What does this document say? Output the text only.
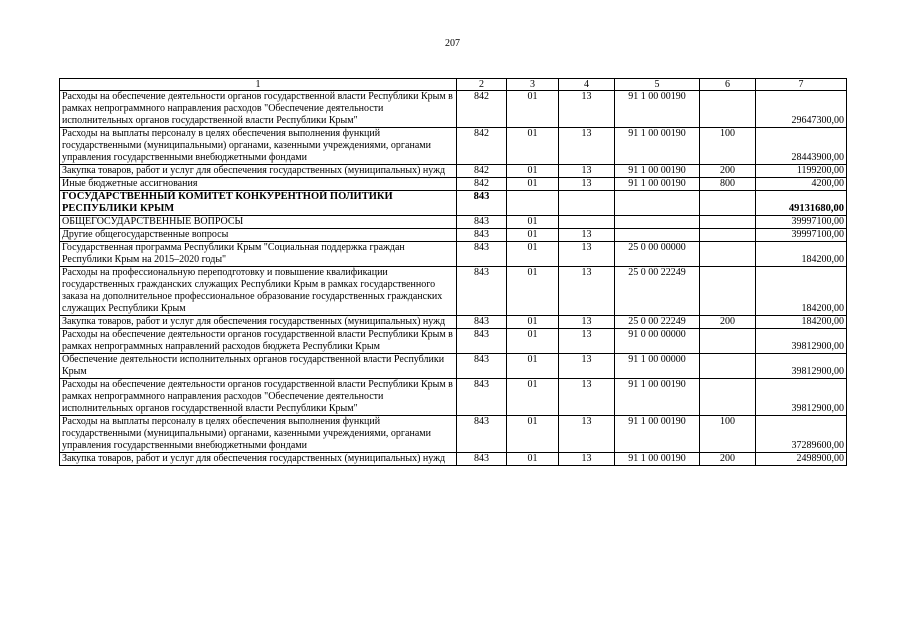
207
1	2	3	4	5	6	7
Расходы на обеспечение деятельности органов государственной власти Республики Крым в рамках непрограммного направления расходов "Обеспечение деятельности исполнительных органов государственной власти Республики Крым"	842	01	13	91 1 00 00190		29647300,00
Расходы на выплаты персоналу в целях обеспечения выполнения функций государственными (муниципальными) органами, казенными учреждениями, органами управления государственными внебюджетными фондами	842	01	13	91 1 00 00190	100	28443900,00
Закупка товаров, работ и услуг для обеспечения государственных (муниципальных) нужд	842	01	13	91 1 00 00190	200	1199200,00
Иные бюджетные ассигнования	842	01	13	91 1 00 00190	800	4200,00
ГОСУДАРСТВЕННЫЙ КОМИТЕТ КОНКУРЕНТНОЙ ПОЛИТИКИ РЕСПУБЛИКИ КРЫМ	843					49131680,00
ОБЩЕГОСУДАРСТВЕННЫЕ ВОПРОСЫ	843	01				39997100,00
Другие общегосударственные вопросы	843	01	13			39997100,00
Государственная программа Республики Крым "Социальная поддержка граждан Республики Крым на 2015–2020 годы"	843	01	13	25 0 00 00000		184200,00
Расходы на профессиональную переподготовку и повышение квалификации государственных гражданских служащих Республики Крым в рамках государственного заказа на дополнительное профессиональное образование государственных гражданских служащих Республики Крым	843	01	13	25 0 00 22249		184200,00
Закупка товаров, работ и услуг для обеспечения государственных (муниципальных) нужд	843	01	13	25 0 00 22249	200	184200,00
Расходы на обеспечение деятельности органов государственной власти Республики Крым в рамках непрограммных направлений расходов бюджета Республики Крым	843	01	13	91 0 00 00000		39812900,00
Обеспечение деятельности исполнительных органов государственной власти Республики Крым	843	01	13	91 1 00 00000		39812900,00
Расходы на обеспечение деятельности органов государственной власти Республики Крым в рамках непрограммного направления расходов "Обеспечение деятельности исполнительных органов государственной власти Республики Крым"	843	01	13	91 1 00 00190		39812900,00
Расходы на выплаты персоналу в целях обеспечения выполнения функций государственными (муниципальными) органами, казенными учреждениями, органами управления государственными внебюджетными фондами	843	01	13	91 1 00 00190	100	37289600,00
Закупка товаров, работ и услуг для обеспечения государственных (муниципальных) нужд	843	01	13	91 1 00 00190	200	2498900,00
